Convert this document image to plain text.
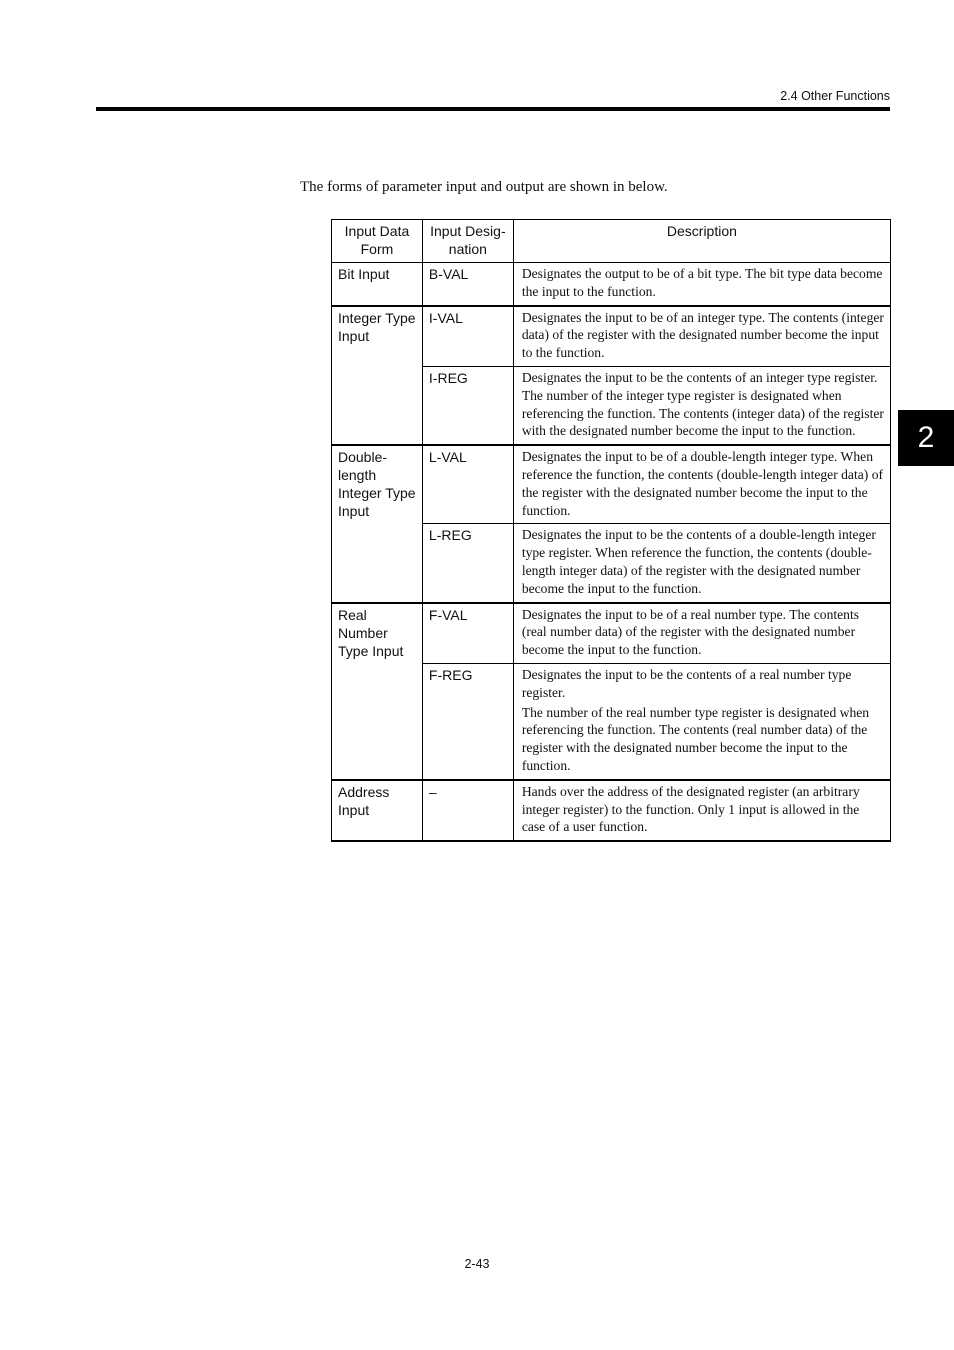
2.4 Other Functions
2
The forms of parameter input and output are shown in below.
Input Data Form	Input Desig-nation	Description
Bit Input	B-VAL	Designates the output to be of a bit type. The bit type data become the input to the function.

Integer Type Input	I-VAL	Designates the input to be of an integer type. The contents (integer data) of the register with the designated number become the input to the function.

	I-REG	Designates the input to be the contents of an integer type register. The number of the integer type register is designated when referencing the function. The contents (integer data) of the register with the designated number become the input to the function.

Double-length Integer Type Input	L-VAL	Designates the input to be of a double-length integer type. When reference the function, the contents (double-length integer data) of the register with the designated number become the input to the function.

	L-REG	Designates the input to be the contents of a double-length integer type register. When reference the function, the contents (double-length integer data) of the register with the designated number become the input to the function.

Real Number Type Input	F-VAL	Designates the input to be of a real number type. The contents (real number data) of the register with the designated number become the input to the function.

	F-REG	Designates the input to be the contents of a real number type register.

The number of the real number type register is designated when referencing the function. The contents (real number data) of the register with the designated number become the input to the function.

Address Input	–	Hands over the address of the designated register (an arbitrary integer register) to the function. Only 1 input is allowed in the case of a user function.

2-43
